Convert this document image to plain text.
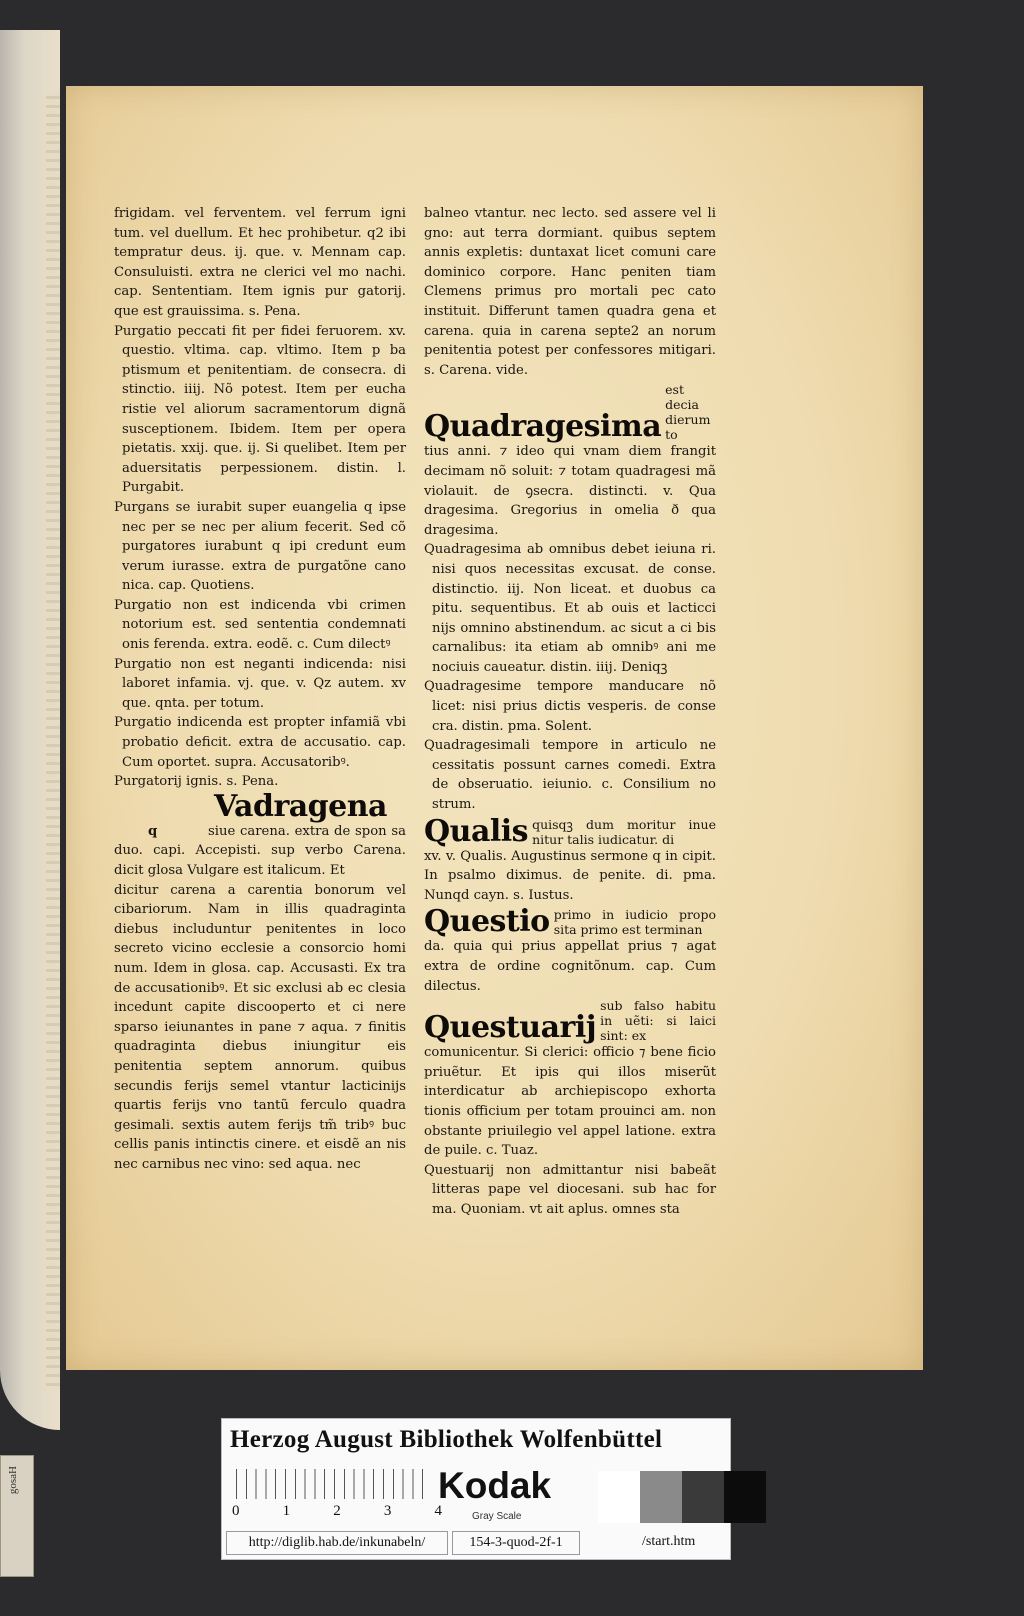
gosaH

frigidam. vel ferventem. vel ferrum igni tum. vel duellum. Et hec prohibetur. q2 ibi tempratur deus. ij. que. v. Mennam cap. Consuluisti. extra ne clerici vel mo nachi. cap. Sententiam. Item ignis pur gatorij. que est grauissima. s. Pena.

Purgatio peccati fit per fidei feruorem. xv. questio. vltima. cap. vltimo. Item p ba ptismum et penitentiam. de consecra. di stinctio. iiij. Nõ potest. Item per eucha ristie vel aliorum sacramentorum dignã susceptionem. Ibidem. Item per opera pietatis. xxij. que. ij. Si quelibet. Item per aduersitatis perpessionem. distin. l. Purgabit.

Purgans se iurabit super euangelia q ipse nec per se nec per alium fecerit. Sed cõ purgatores iurabunt q ipi credunt eum verum iurasse. extra de purgatõne cano nica. cap. Quotiens.

Purgatio non est indicenda vbi crimen notorium est. sed sententia condemnati onis ferenda. extra. eodẽ. c. Cum dilectꝰ

Purgatio non est neganti indicenda: nisi laboret infamia. vj. que. v. Qz autem. xv que. qnta. per totum.

Purgatio indicenda est propter infamiã vbi probatio deficit. extra de accusatio. cap. Cum oportet. supra. Accusatoribꝰ.

Purgatorij ignis. s. Pena.

Vadragena

q	siue carena. extra de spon sa duo. capi. Accepisti. sup verbo Carena. dicit glosa Vulgare est italicum. Et

dicitur carena a carentia bonorum vel cibariorum. Nam in illis quadraginta diebus includuntur penitentes in loco secreto vicino ecclesie a consorcio homi num. Idem in glosa. cap. Accusasti. Ex tra de accusationibꝰ. Et sic exclusi ab ec clesia incedunt capite discooperto et ci nere sparso ieiunantes in pane ⁊ aqua. ⁊ finitis quadraginta diebus iniungitur eis penitentia septem annorum. quibus secundis ferijs semel vtantur lacticinijs quartis ferijs vno tantũ ferculo quadra gesimali. sextis autem ferijs tm̃ tribꝰ buc cellis panis intinctis cinere. et eisdẽ an nis nec carnibus nec vino: sed aqua. nec

balneo vtantur. nec lecto. sed assere vel li gno: aut terra dormiant. quibus septem annis expletis: duntaxat licet comuni care dominico corpore. Hanc peniten tiam Clemens primus pro mortali pec cato instituit. Differunt tamen quadra gena et carena. quia in carena septe2 an norum penitentia potest per confessores mitigari. s. Carena. vide.

Quadragesima
est decia dierum to

tius anni. ⁊ ideo qui vnam diem frangit decimam nõ soluit: ⁊ totam quadragesi mã violauit. de ꝯsecra. distincti. v. Qua dragesima. Gregorius in omelia ð qua dragesima.

Quadragesima ab omnibus debet ieiuna ri. nisi quos necessitas excusat. de conse. distinctio. iij. Non liceat. et duobus ca pitu. sequentibus. Et ab ouis et lacticci nijs omnino abstinendum. ac sicut a ci bis carnalibus: ita etiam ab omnibꝰ ani me nociuis caueatur. distin. iiij. Deniqꝫ

Quadragesime tempore manducare nõ licet: nisi prius dictis vesperis. de conse cra. distin. pma. Solent.

Quadragesimali tempore in articulo ne cessitatis possunt carnes comedi. Extra de obseruatio. ieiunio. c. Consilium no strum.

Qualis quisqꝫ dum moritur inue nitur talis iudicatur. di

xv. v. Qualis. Augustinus sermone q in cipit. In psalmo diximus. de penite. di. pma. Nunqd cayn. s. Iustus.

Questio primo in iudicio propo sita primo est terminan

da. quia qui prius appellat prius ⁊ agat extra de ordine cognitõnum. cap. Cum dilectus.

Questuarij
sub falso habitu in uẽti: si laici sint: ex

comunicentur. Si clerici: officio ⁊ bene ficio priuẽtur. Et ipis qui illos miserũt interdicatur ab archiepiscopo exhorta tionis officium per totam prouinci am. non obstante priuilegio vel appel latione. extra de puile. c. Tuaz.

Questuarij non admittantur nisi babeãt litteras pape vel diocesani. sub hac for ma. Quoniam. vt ait aplus. omnes sta

Herzog August Bibliothek Wolfenbüttel
0	1	2	3	4
Kodak
Gray Scale
http://diglib.hab.de/inkunabeln/	154-3-quod-2f-1	/start.htm
